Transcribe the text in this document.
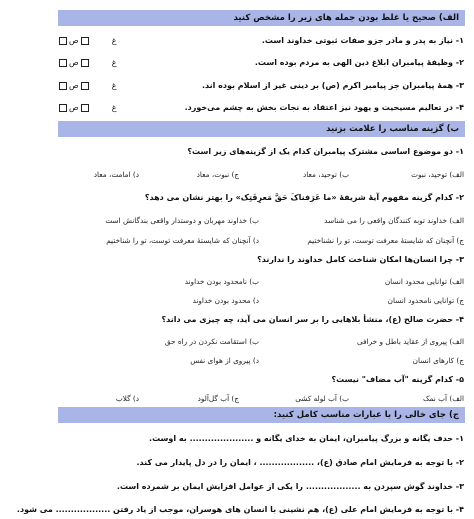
الف) صحیح یا غلط بودن جمله های زیر را مشخص کنید
۱- نیاز به پدر و مادر جزو صفات ثبوتی خداوند است.
۲- وظیفهٔ پیامبران ابلاغ دین الهی به مردم بوده است.
۳- همهٔ پیامبران جز پیامبر اکرم (ص) بر دینی غیر از اسلام بوده اند.
۴- در تعالیم مسیحیت و یهود نیز اعتقاد به نجات بخش به چشم می‌خورد.
غ  ص
غ  ص
غ  ص
غ  ص
ب) گزینه مناسب را علامت بزنید
۱- دو موضوع اساسی مشترک پیامبران کدام یک از گزینه‌های زیر است؟
الف) توحید، نبوت
ب) توحید، معاد
ج) نبوت، معاد
د) امامت، معاد
۲- کدام گزینه مفهوم آیهٔ شریفهٔ «ما عَرَفناکَ حَقَّ مَعرِفَتِک» را بهتر نشان می دهد؟
الف) خداوند توبه کنندگان واقعی را می شناسد
ب) خداوند مهربان و دوستدار واقعی بندگانش است
ج) آنچنان که شایستهٔ معرفت توست، تو را نشناختیم
د) آنچنان که شایستهٔ معرفت توست، تو را شناختیم
۳- چرا انسان‌ها امکان شناخت کامل خداوند را ندارند؟
الف) توانایی محدود انسان
ب) نامحدود بودن خداوند
ج) توانایی نامحدود انسان
د) محدود بودن خداوند
۴- حضرت صالح (ع)، منشأ بلاهایی را بر سر انسان می آید، چه چیزی می داند؟
الف) پیروی از عقاید باطل و خرافی
ب) استقامت نکردن در راه حق
ج) کارهای انسان
د) پیروی از هوای نفس
۵- کدام گزینه "آب مضاف" نیست؟
الف) آب نمک
ب) آب لوله کشی
ج) آب گل‌آلود
د) گلاب
ج) جای خالی را با عبارات مناسب کامل کنید:
۱- حدف یگانه و بزرگ پیامبران، ایمان به خدای یگانه و ..................... به اوست.
۲- با توجه به فرمایش امام صادق (ع)، .................. ، ایمان را در دل پایدار می کند.
۳- خداوند گوش سپردن به .................. را یکی از عوامل افزایش ایمان بر شمرده است.
۴- با توجه به فرمایش امام علی (ع)، هم نشینی با انسان های هوسران، موجب از یاد رفتن .................. می شود.
